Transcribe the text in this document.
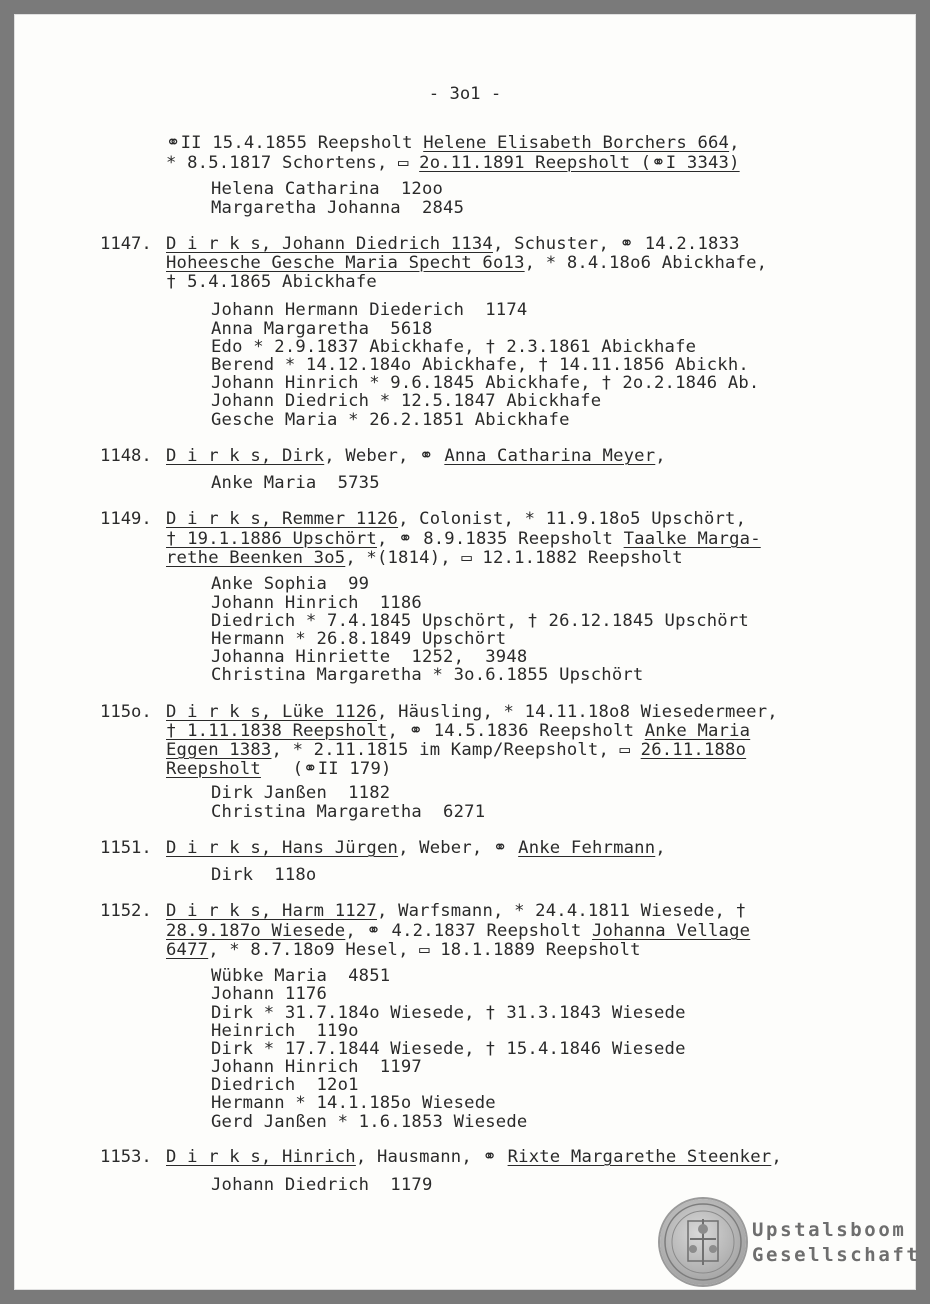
- 3o1 -
⚭II 15.4.1855 Reepsholt Helene Elisabeth Borchers 664,
* 8.5.1817 Schortens, ▭ 2o.11.1891 Reepsholt (⚭I 3343)
Helena Catharina  12oo
Margaretha Johanna  2845
1147. D i r k s, Johann Diedrich 1134, Schuster, ⚭ 14.2.1833
Hoheesche Gesche Maria Specht 6o13, * 8.4.18o6 Abickhafe,
† 5.4.1865 Abickhafe
Johann Hermann Diederich  1174
Anna Margaretha  5618
Edo * 2.9.1837 Abickhafe, † 2.3.1861 Abickhafe
Berend * 14.12.184o Abickhafe, † 14.11.1856 Abickh.
Johann Hinrich * 9.6.1845 Abickhafe, † 2o.2.1846 Ab.
Johann Diedrich * 12.5.1847 Abickhafe
Gesche Maria * 26.2.1851 Abickhafe
1148. D i r k s, Dirk, Weber, ⚭ Anna Catharina Meyer,
Anke Maria  5735
1149. D i r k s, Remmer 1126, Colonist, * 11.9.18o5 Upschört,
† 19.1.1886 Upschört, ⚭ 8.9.1835 Reepsholt Taalke Marga-
rethe Beenken 3o5, *(1814), ▭ 12.1.1882 Reepsholt
Anke Sophia  99
Johann Hinrich  1186
Diedrich * 7.4.1845 Upschört, † 26.12.1845 Upschört
Hermann * 26.8.1849 Upschört
Johanna Hinriette  1252,  3948
Christina Margaretha * 3o.6.1855 Upschört
115o. D i r k s, Lüke 1126, Häusling, * 14.11.18o8 Wiesedermeer,
† 1.11.1838 Reepsholt, ⚭ 14.5.1836 Reepsholt Anke Maria
Eggen 1383, * 2.11.1815 im Kamp/Reepsholt, ▭ 26.11.188o
Reepsholt   (⚭II 179)
Dirk Janßen  1182
Christina Margaretha  6271
1151. D i r k s, Hans Jürgen, Weber, ⚭ Anke Fehrmann,
Dirk  118o
1152. D i r k s, Harm 1127, Warfsmann, * 24.4.1811 Wiesede, †
28.9.187o Wiesede, ⚭ 4.2.1837 Reepsholt Johanna Vellage
6477, * 8.7.18o9 Hesel, ▭ 18.1.1889 Reepsholt
Wübke Maria  4851
Johann 1176
Dirk * 31.7.184o Wiesede, † 31.3.1843 Wiesede
Heinrich  119o
Dirk * 17.7.1844 Wiesede, † 15.4.1846 Wiesede
Johann Hinrich  1197
Diedrich  12o1
Hermann * 14.1.185o Wiesede
Gerd Janßen * 1.6.1853 Wiesede
1153. D i r k s, Hinrich, Hausmann, ⚭ Rixte Margarethe Steenker,
Johann Diedrich  1179
Upstalsboom
Gesellschaft
